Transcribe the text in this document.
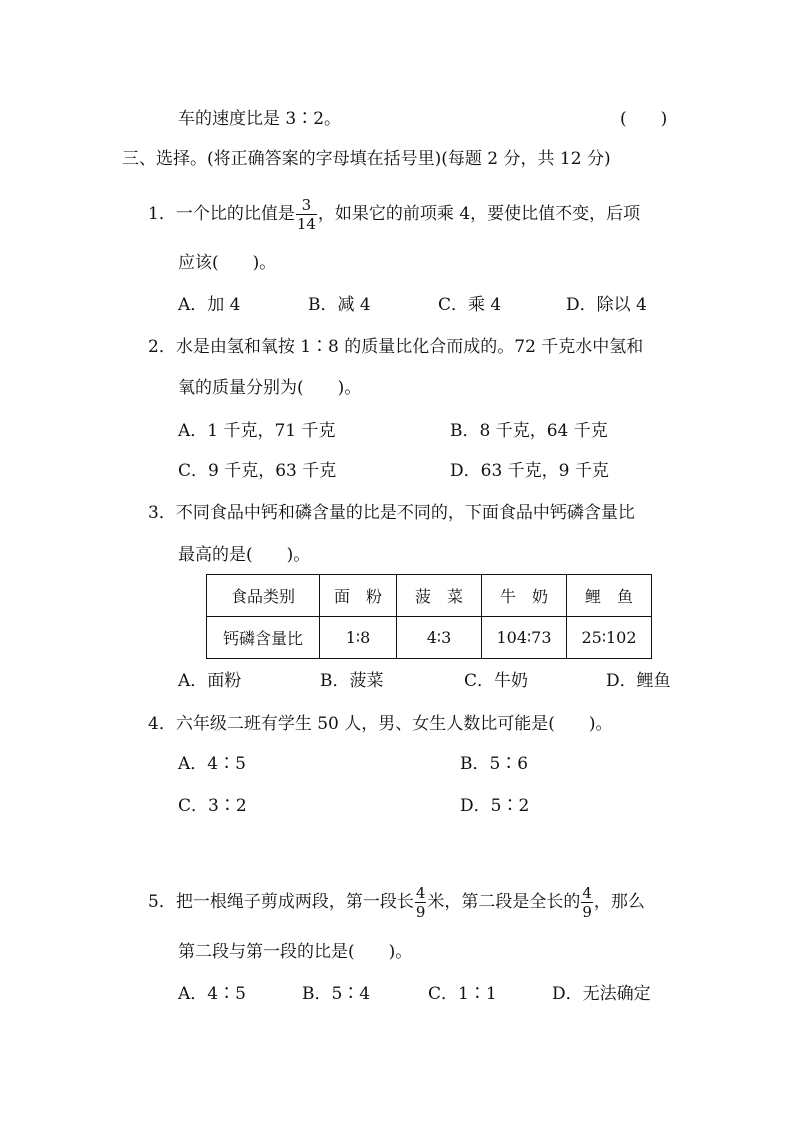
车的速度比是 3∶2。	(　　)
三、选择。(将正确答案的字母填在括号里)(每题 2 分，共 12 分)
1．一个比的比值是 $\frac{3}{14}$ ，如果它的前项乘 4，要使比值不变，后项
应该(　　)。
A．加 4	B．减 4	C．乘 4	D．除以 4
2．水是由氢和氧按 1∶8 的质量比化合而成的。72 千克水中氢和
氧的质量分别为(　　)。
A．1 千克，71 千克	B．8 千克，64 千克
C．9 千克，63 千克	D．63 千克，9 千克
3．不同食品中钙和磷含量的比是不同的，下面食品中钙磷含量比
最高的是(　　)。
食品类别	面　粉	菠　菜	牛　奶	鲤　鱼
钙磷含量比	1∶8	4∶3	104∶73	25∶102
A．面粉	B．菠菜	C．牛奶	D．鲤鱼
4．六年级二班有学生 50 人，男、女生人数比可能是(　　)。
A．4∶5	B．5∶6
C．3∶2	D．5∶2
5．把一根绳子剪成两段，第一段长 $\frac{4}{9}$ 米，第二段是全长的 $\frac{4}{9}$ ，那么
第二段与第一段的比是(　　)。
A．4∶5	B．5∶4	C．1∶1	D．无法确定
